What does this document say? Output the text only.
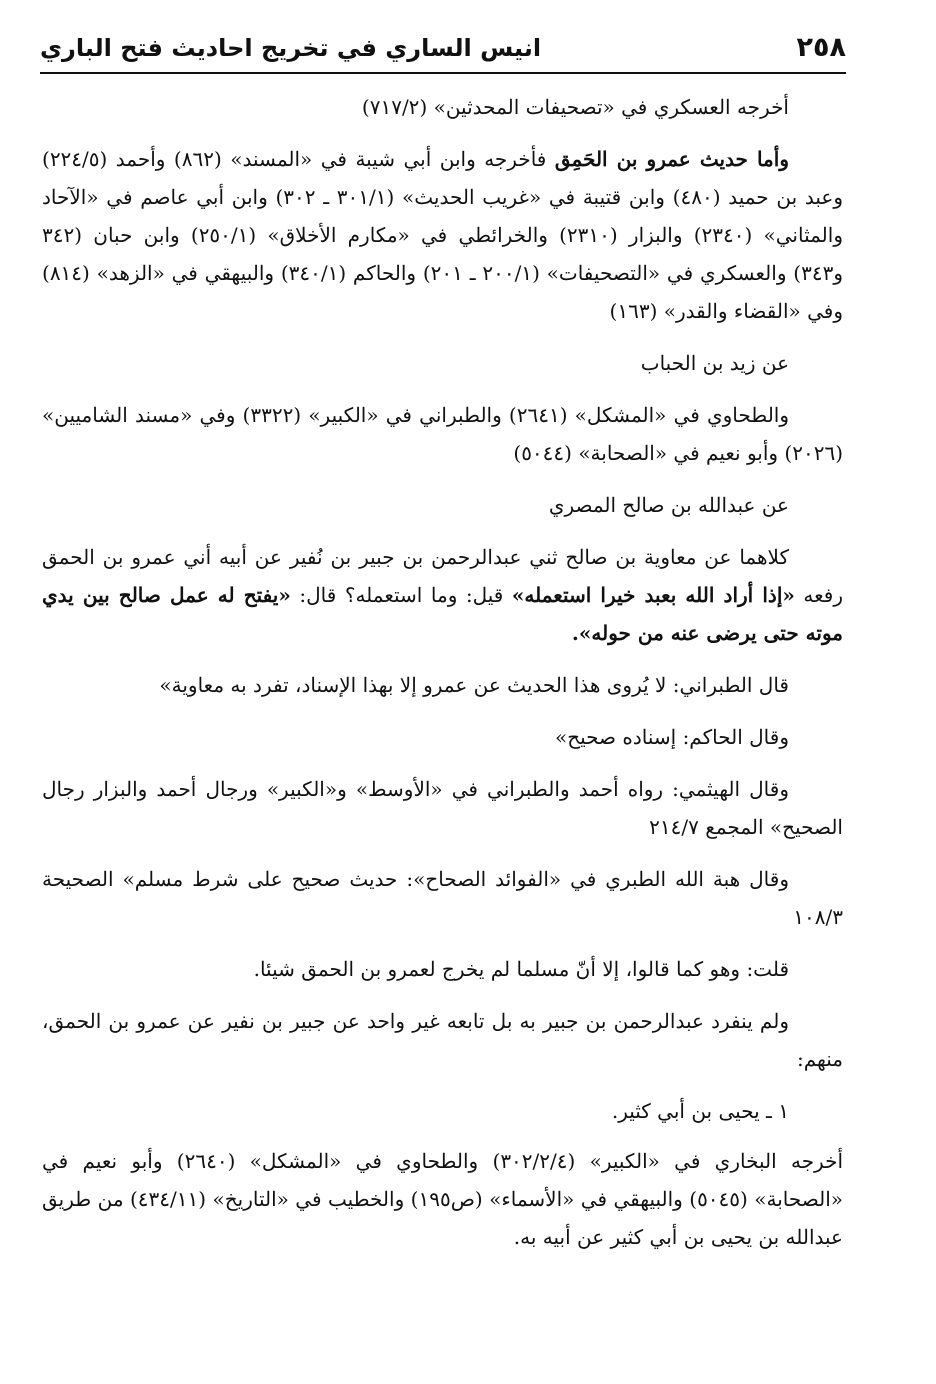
٢٥٨
انيس الساري في تخريج احاديث فتح الباري

أخرجه العسكري في «تصحيفات المحدثين» (٧١٧/٢)

وأما حديث عمرو بن الحَمِق فأخرجه وابن أبي شيبة في «المسند» (٨٦٢) وأحمد (٢٢٤/٥) وعبد بن حميد (٤٨٠) وابن قتيبة في «غريب الحديث» (٣٠١/١ ـ ٣٠٢) وابن أبي عاصم في «الآحاد والمثاني» (٢٣٤٠) والبزار (٢٣١٠) والخرائطي في «مكارم الأخلاق» (٢٥٠/١) وابن حبان (٣٤٢ و٣٤٣) والعسكري في «التصحيفات» (٢٠٠/١ ـ ٢٠١) والحاكم (٣٤٠/١) والبيهقي في «الزهد» (٨١٤) وفي «القضاء والقدر» (١٦٣)

عن زيد بن الحباب

والطحاوي في «المشكل» (٢٦٤١) والطبراني في «الكبير» (٣٣٢٢) وفي «مسند الشاميين» (٢٠٢٦) وأبو نعيم في «الصحابة» (٥٠٤٤)

عن عبدالله بن صالح المصري

كلاهما عن معاوية بن صالح ثني عبدالرحمن بن جبير بن نُفير عن أبيه أني عمرو بن الحمق رفعه «إذا أراد الله بعبد خيرا استعمله» قيل: وما استعمله؟ قال: «يفتح له عمل صالح بين يدي موته حتى يرضى عنه من حوله».

قال الطبراني: لا يُروى هذا الحديث عن عمرو إلا بهذا الإسناد، تفرد به معاوية»

وقال الحاكم: إسناده صحيح»

وقال الهيثمي: رواه أحمد والطبراني في «الأوسط» و«الكبير» ورجال أحمد والبزار رجال الصحيح» المجمع ٢١٤/٧

وقال هبة الله الطبري في «الفوائد الصحاح»: حديث صحيح على شرط مسلم» الصحيحة ١٠٨/٣

قلت: وهو كما قالوا، إلا أنّ مسلما لم يخرج لعمرو بن الحمق شيئا.

ولم ينفرد عبدالرحمن بن جبير به بل تابعه غير واحد عن جبير بن نفير عن عمرو بن الحمق، منهم:

١ ـ يحيى بن أبي كثير.

أخرجه البخاري في «الكبير» (٣٠٢/٢/٤) والطحاوي في «المشكل» (٢٦٤٠) وأبو نعيم في «الصحابة» (٥٠٤٥) والبيهقي في «الأسماء» (ص١٩٥) والخطيب في «التاريخ» (٤٣٤/١١) من طريق عبدالله بن يحيى بن أبي كثير عن أبيه به.
